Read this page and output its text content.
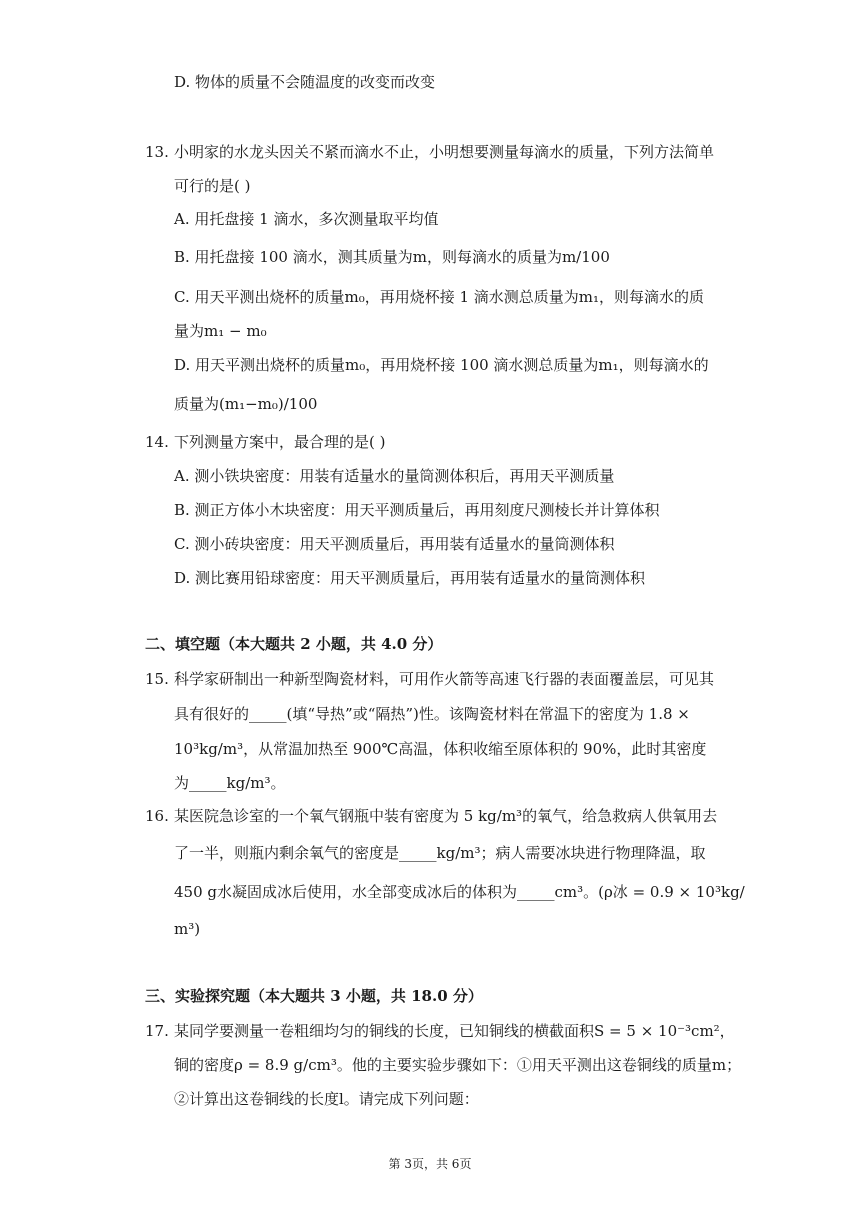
D. 物体的质量不会随温度的改变而改变
13. 小明家的水龙头因关不紧而滴水不止，小明想要测量每滴水的质量，下列方法简单
可行的是( )
A. 用托盘接 1 滴水，多次测量取平均值
B. 用托盘接 100 滴水，测其质量为m，则每滴水的质量为m/100
C. 用天平测出烧杯的质量m₀，再用烧杯接 1 滴水测总质量为m₁，则每滴水的质
量为m₁ − m₀
D. 用天平测出烧杯的质量m₀，再用烧杯接 100 滴水测总质量为m₁，则每滴水的
质量为(m₁−m₀)/100
14. 下列测量方案中，最合理的是( )
A. 测小铁块密度：用装有适量水的量筒测体积后，再用天平测质量
B. 测正方体小木块密度：用天平测质量后，再用刻度尺测棱长并计算体积
C. 测小砖块密度：用天平测质量后，再用装有适量水的量筒测体积
D. 测比赛用铅球密度：用天平测质量后，再用装有适量水的量筒测体积
二、填空题（本大题共 2 小题，共 4.0 分）
15. 科学家研制出一种新型陶瓷材料，可用作火箭等高速飞行器的表面覆盖层，可见其
具有很好的_____(填“导热”或“隔热”)性。该陶瓷材料在常温下的密度为 1.8 ×
10³kg/m³，从常温加热至 900℃高温，体积收缩至原体积的 90%，此时其密度
为_____kg/m³。
16. 某医院急诊室的一个氧气钢瓶中装有密度为 5 kg/m³的氧气，给急救病人供氧用去
了一半，则瓶内剩余氧气的密度是_____kg/m³；病人需要冰块进行物理降温，取
450 g水凝固成冰后使用，水全部变成冰后的体积为_____cm³。(ρ冰 = 0.9 × 10³kg/
m³)
三、实验探究题（本大题共 3 小题，共 18.0 分）
17. 某同学要测量一卷粗细均匀的铜线的长度，已知铜线的横截面积S = 5 × 10⁻³cm²，
铜的密度ρ = 8.9 g/cm³。他的主要实验步骤如下：①用天平测出这卷铜线的质量m；
②计算出这卷铜线的长度l。请完成下列问题：
第 3页，共 6页
